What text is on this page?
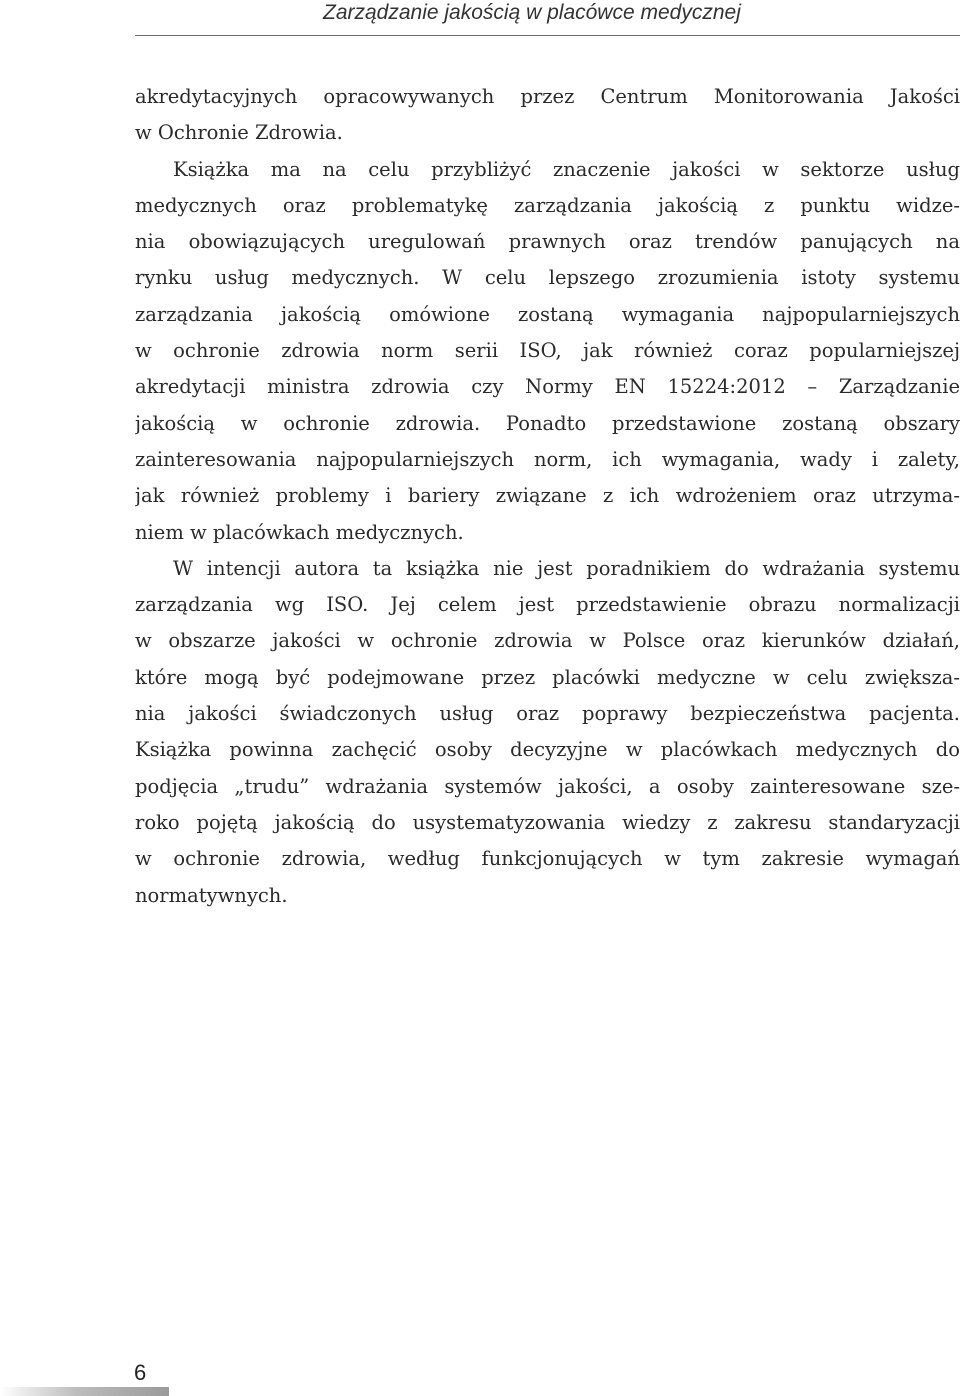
Zarządzanie jakością w placówce medycznej
akredytacyjnych opracowywanych przez Centrum Monitorowania Jakości
w Ochronie Zdrowia.
Książka ma na celu przybliżyć znaczenie jakości w sektorze usług
medycznych oraz problematykę zarządzania jakością z punktu widze-
nia obowiązujących uregulowań prawnych oraz trendów panujących na
rynku usług medycznych. W celu lepszego zrozumienia istoty systemu
zarządzania jakością omówione zostaną wymagania najpopularniejszych
w ochronie zdrowia norm serii ISO, jak również coraz popularniejszej
akredytacji ministra zdrowia czy Normy EN 15224:2012 – Zarządzanie
jakością w ochronie zdrowia. Ponadto przedstawione zostaną obszary
zainteresowania najpopularniejszych norm, ich wymagania, wady i zalety,
jak również problemy i bariery związane z ich wdrożeniem oraz utrzyma-
niem w placówkach medycznych.
W intencji autora ta książka nie jest poradnikiem do wdrażania systemu
zarządzania wg ISO. Jej celem jest przedstawienie obrazu normalizacji
w obszarze jakości w ochronie zdrowia w Polsce oraz kierunków działań,
które mogą być podejmowane przez placówki medyczne w celu zwiększa-
nia jakości świadczonych usług oraz poprawy bezpieczeństwa pacjenta.
Książka powinna zachęcić osoby decyzyjne w placówkach medycznych do
podjęcia „trudu” wdrażania systemów jakości, a osoby zainteresowane sze-
roko pojętą jakością do usystematyzowania wiedzy z zakresu standaryzacji
w ochronie zdrowia, według funkcjonujących w tym zakresie wymagań
normatywnych.
6
